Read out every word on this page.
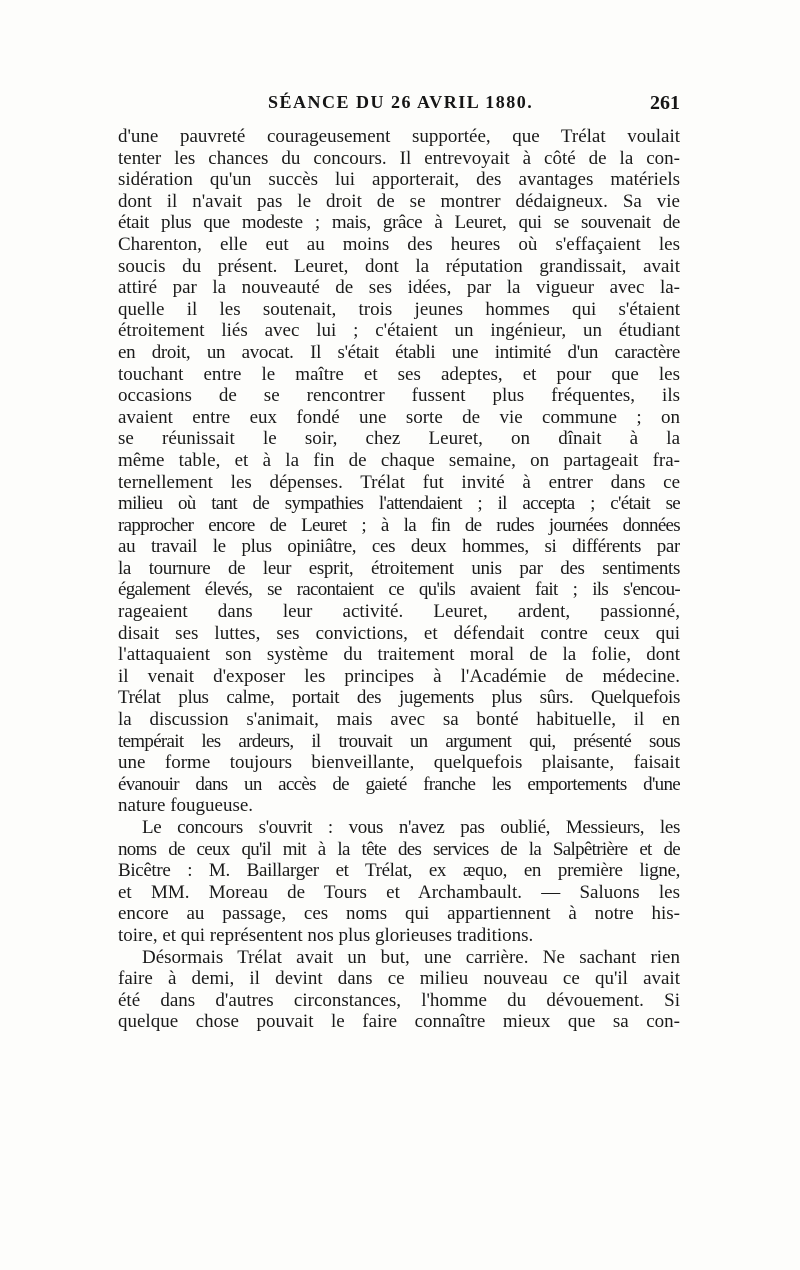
SÉANCE DU 26 AVRIL 1880.	261
d'une pauvreté courageusement supportée, que Trélat voulait
tenter les chances du concours. Il entrevoyait à côté de la con-
sidération qu'un succès lui apporterait, des avantages matériels
dont il n'avait pas le droit de se montrer dédaigneux. Sa vie
était plus que modeste ; mais, grâce à Leuret, qui se souvenait de
Charenton, elle eut au moins des heures où s'effaçaient les
soucis du présent. Leuret, dont la réputation grandissait, avait
attiré par la nouveauté de ses idées, par la vigueur avec la-
quelle il les soutenait, trois jeunes hommes qui s'étaient
étroitement liés avec lui ; c'étaient un ingénieur, un étudiant
en droit, un avocat. Il s'était établi une intimité d'un caractère
touchant entre le maître et ses adeptes, et pour que les
occasions de se rencontrer fussent plus fréquentes, ils
avaient entre eux fondé une sorte de vie commune ; on
se réunissait le soir, chez Leuret, on dînait à la
même table, et à la fin de chaque semaine, on partageait fra-
ternellement les dépenses. Trélat fut invité à entrer dans ce
milieu où tant de sympathies l'attendaient ; il accepta ; c'était se
rapprocher encore de Leuret ; à la fin de rudes journées données
au travail le plus opiniâtre, ces deux hommes, si différents par
la tournure de leur esprit, étroitement unis par des sentiments
également élevés, se racontaient ce qu'ils avaient fait ; ils s'encou-
rageaient dans leur activité. Leuret, ardent, passionné,
disait ses luttes, ses convictions, et défendait contre ceux qui
l'attaquaient son système du traitement moral de la folie, dont
il venait d'exposer les principes à l'Académie de médecine.
Trélat plus calme, portait des jugements plus sûrs. Quelquefois
la discussion s'animait, mais avec sa bonté habituelle, il en
tempérait les ardeurs, il trouvait un argument qui, présenté sous
une forme toujours bienveillante, quelquefois plaisante, faisait
évanouir dans un accès de gaieté franche les emportements d'une
nature fougueuse.
Le concours s'ouvrit : vous n'avez pas oublié, Messieurs, les
noms de ceux qu'il mit à la tête des services de la Salpêtrière et de
Bicêtre : M. Baillarger et Trélat, ex æquo, en première ligne,
et MM. Moreau de Tours et Archambault. — Saluons les
encore au passage, ces noms qui appartiennent à notre his-
toire, et qui représentent nos plus glorieuses traditions.
Désormais Trélat avait un but, une carrière. Ne sachant rien
faire à demi, il devint dans ce milieu nouveau ce qu'il avait
été dans d'autres circonstances, l'homme du dévouement. Si
quelque chose pouvait le faire connaître mieux que sa con-
